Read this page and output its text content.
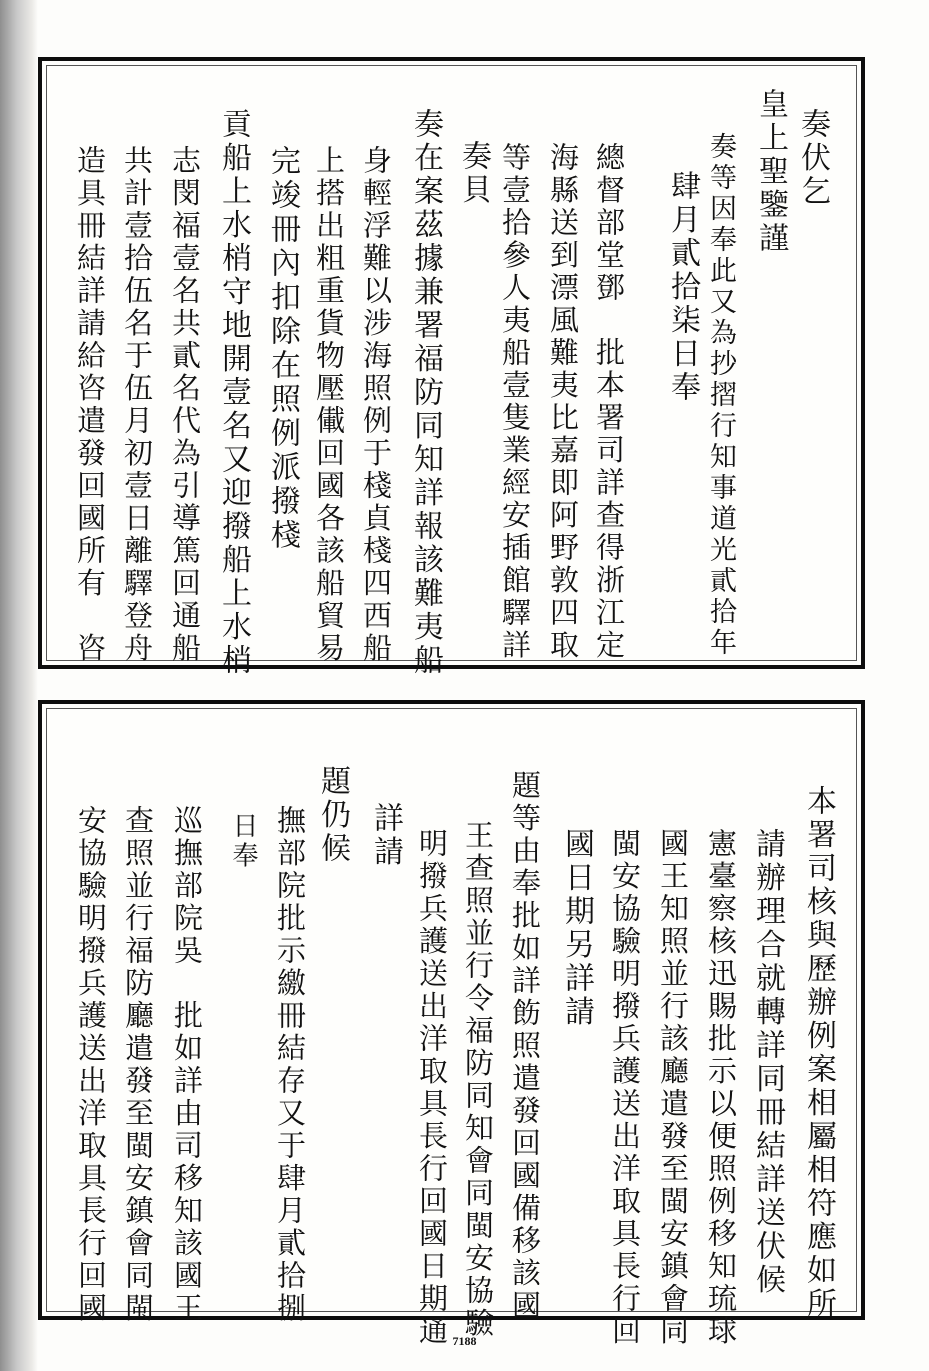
奏伏乞

皇上聖鑒謹

奏等因奉此又為抄摺行知事道光貳拾年

肆月貳拾柒日奉

總督部堂鄧　批本署司詳查得浙江定

海縣送到漂風難夷比嘉即阿野敦四取

等壹拾參人夷船壹隻業經安插館驛詳

奏貝

奏在案茲據兼署福防同知詳報該難夷船

身輕浮難以涉海照例于棧貞棧四西船

上搭出粗重貨物壓儎回國各該船貿易

完竣冊內扣除在照例派撥棧

貢船上水梢守地開壹名又迎撥船上水梢

志閔福壹名共貳名代為引導篤回通船

共計壹拾伍名于伍月初壹日離驛登舟

造具冊結詳請給咨遣發回國所有　咨

本署司核與歷辦例案相屬相符應如所

請辦理合就轉詳同冊結詳送伏候

憲臺察核迅賜批示以便照例移知琉球

國王知照並行該廳遣發至閩安鎮會同

閩安協驗明撥兵護送出洋取具長行回

國日期另詳請

題等由奉批如詳飭照遣發回國備移該國

王查照並行令福防同知會同閩安協驗

明撥兵護送出洋取具長行回國日期通

詳請

題仍候

撫部院批示繳冊結存又于肆月貳拾捌

日奉

巡撫部院吳　批如詳由司移知該國王

查照並行福防廳遣發至閩安鎮會同閩

安協驗明撥兵護送出洋取具長行回國

7188
